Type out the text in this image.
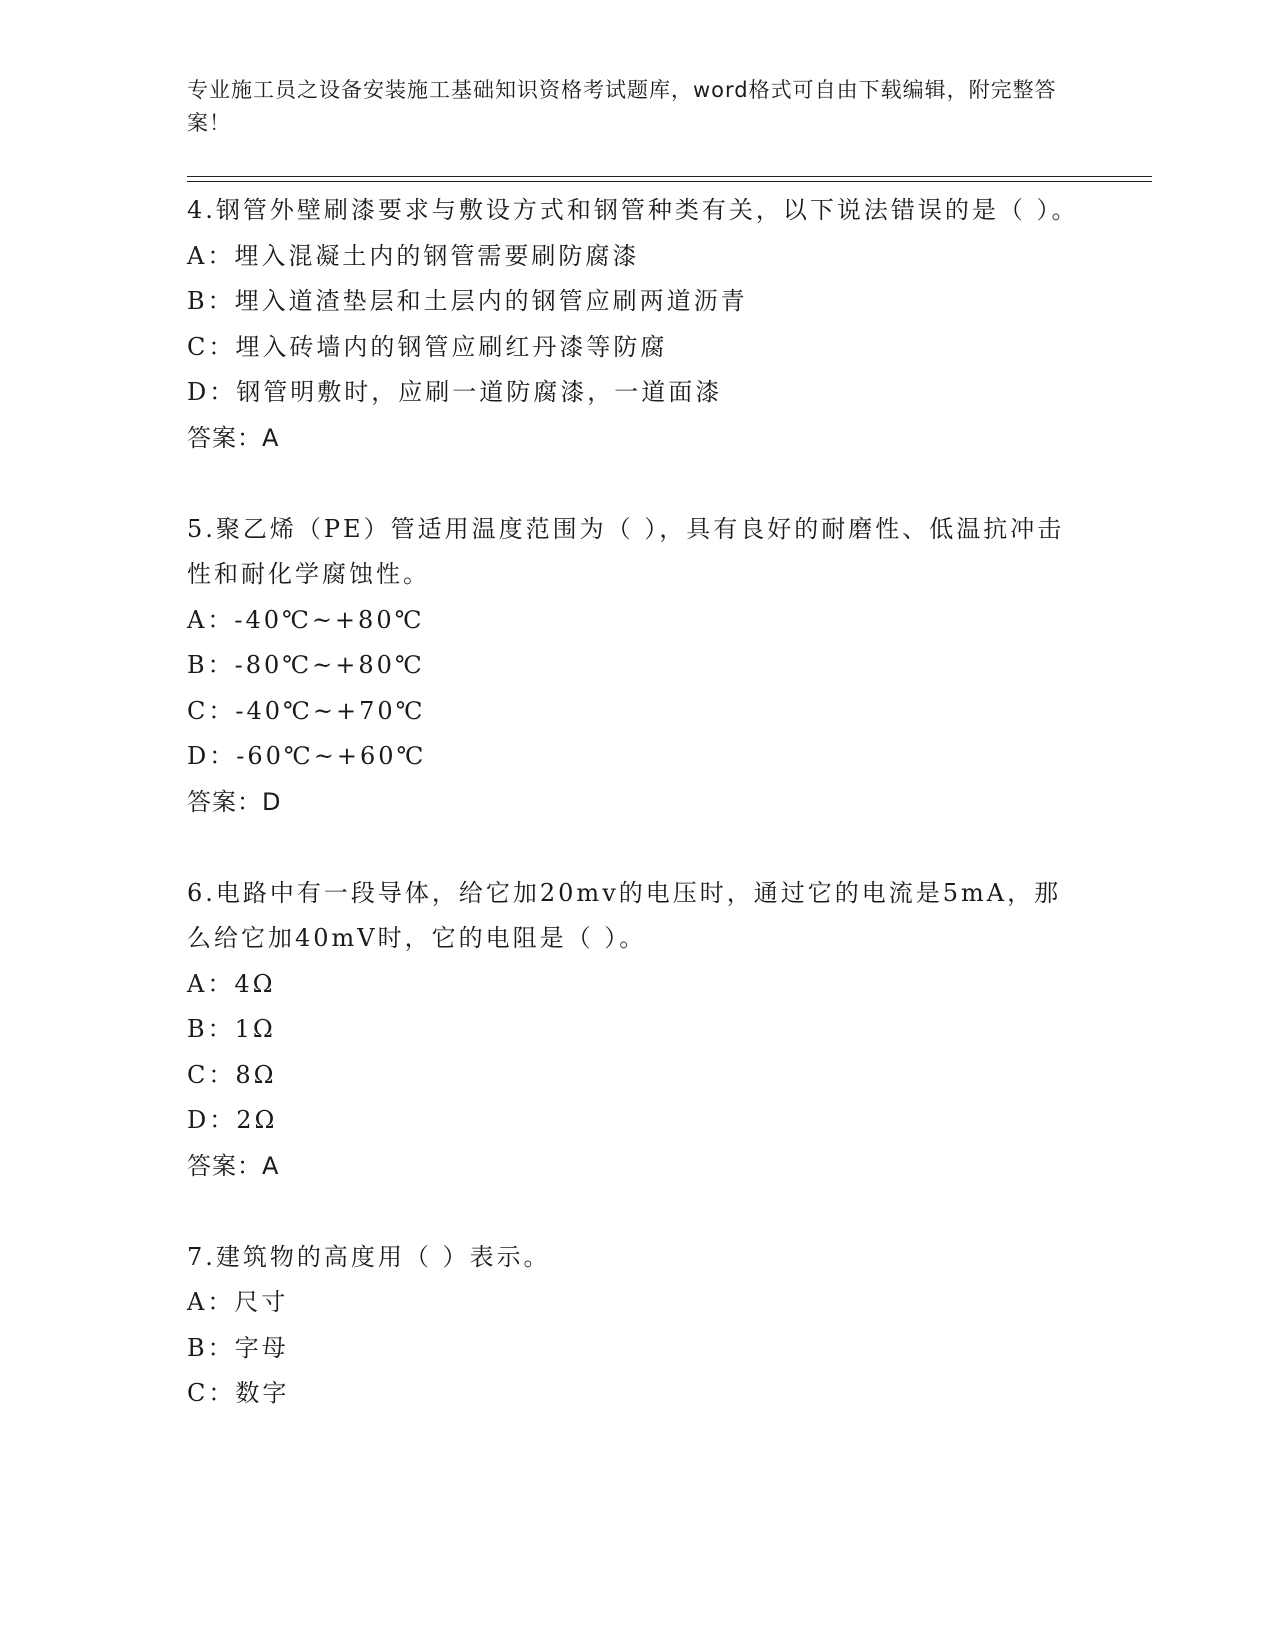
专业施工员之设备安装施工基础知识资格考试题库，word格式可自由下载编辑，附完整答案！
4.钢管外壁刷漆要求与敷设方式和钢管种类有关，以下说法错误的是（ ）。
A：埋入混凝土内的钢管需要刷防腐漆
B：埋入道渣垫层和土层内的钢管应刷两道沥青
C：埋入砖墙内的钢管应刷红丹漆等防腐
D：钢管明敷时，应刷一道防腐漆，一道面漆
答案：A
5.聚乙烯（PE）管适用温度范围为（ ），具有良好的耐磨性、低温抗冲击性和耐化学腐蚀性。
A：-40℃~+80℃
B：-80℃~+80℃
C：-40℃~+70℃
D：-60℃~+60℃
答案：D
6.电路中有一段导体，给它加20mv的电压时，通过它的电流是5mA，那么给它加40mV时，它的电阻是（ ）。
A：4Ω
B：1Ω
C：8Ω
D：2Ω
答案：A
7.建筑物的高度用（ ）表示。
A：尺寸
B：字母
C：数字
